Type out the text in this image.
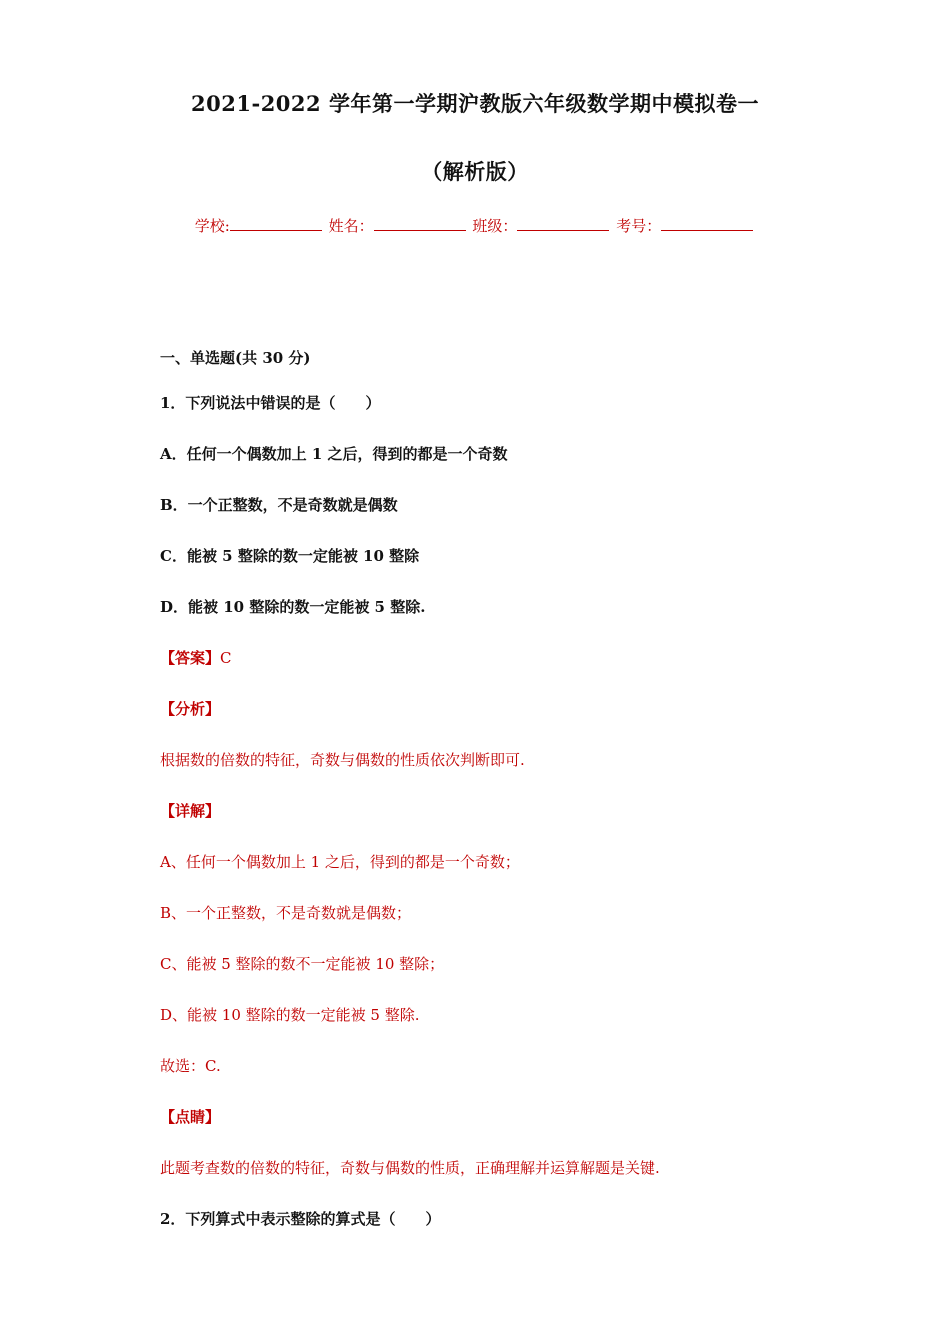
2021-2022 学年第一学期沪教版六年级数学期中模拟卷一
（解析版）
学校:	姓名：	班级：	考号：
一、单选题(共 30 分)
1．下列说法中错误的是（　　）
A．任何一个偶数加上 1 之后，得到的都是一个奇数
B．一个正整数，不是奇数就是偶数
C．能被 5 整除的数一定能被 10 整除
D．能被 10 整除的数一定能被 5 整除.
【答案】C
【分析】
根据数的倍数的特征，奇数与偶数的性质依次判断即可.
【详解】
A、任何一个偶数加上 1 之后，得到的都是一个奇数；
B、一个正整数，不是奇数就是偶数；
C、能被 5 整除的数不一定能被 10 整除；
D、能被 10 整除的数一定能被 5 整除.
故选：C.
【点睛】
此题考查数的倍数的特征，奇数与偶数的性质，正确理解并运算解题是关键.
2．下列算式中表示整除的算式是（　　）
